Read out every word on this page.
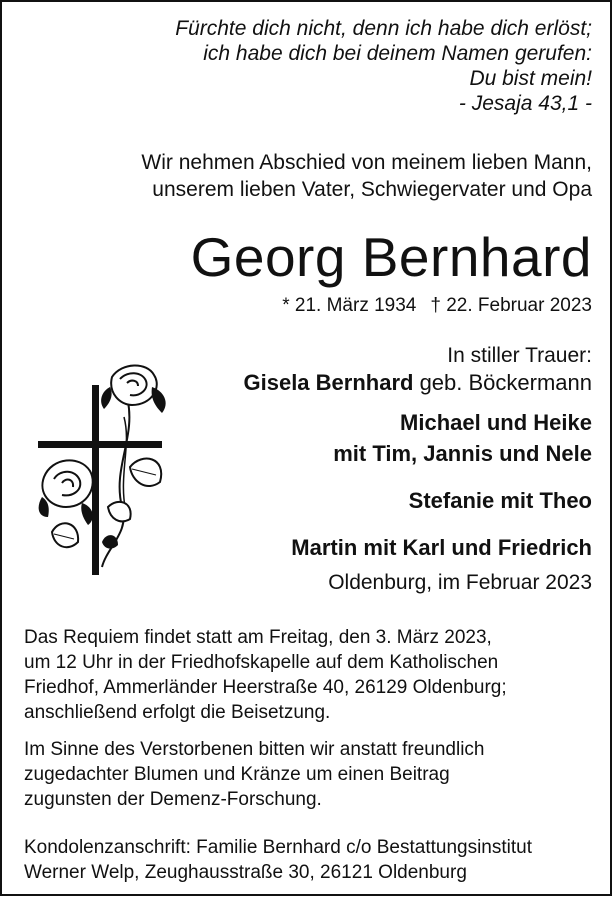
Fürchte dich nicht, denn ich habe dich erlöst;
ich habe dich bei deinem Namen gerufen:
Du bist mein!
- Jesaja 43,1 -
Wir nehmen Abschied von meinem lieben Mann,
unserem lieben Vater, Schwiegervater und Opa
Georg Bernhard
* 21. März 1934 † 22. Februar 2023
In stiller Trauer:
Gisela Bernhard geb. Böckermann
Michael und Heike
mit Tim, Jannis und Nele
Stefanie mit Theo
Martin mit Karl und Friedrich
Oldenburg, im Februar 2023
Das Requiem findet statt am Freitag, den 3. März 2023,
um 12 Uhr in der Friedhofskapelle auf dem Katholischen
Friedhof, Ammerländer Heerstraße 40, 26129 Oldenburg;
anschließend erfolgt die Beisetzung.
Im Sinne des Verstorbenen bitten wir anstatt freundlich
zugedachter Blumen und Kränze um einen Beitrag
zugunsten der Demenz-Forschung.
Kondolenzanschrift: Familie Bernhard c/o Bestattungsinstitut
Werner Welp, Zeughausstraße 30, 26121 Oldenburg
